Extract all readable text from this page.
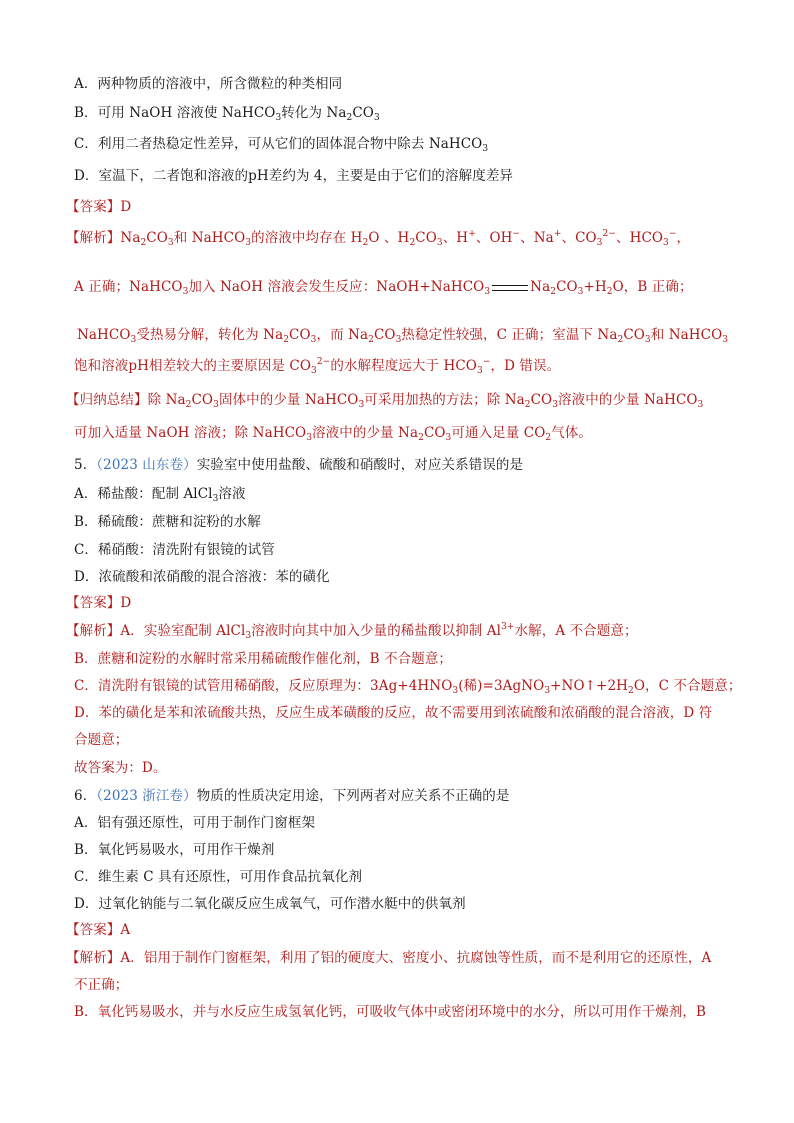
A．两种物质的溶液中，所含微粒的种类相同
B．可用 NaOH 溶液使 NaHCO$_3$转化为 $Na_2CO_3$
C．利用二者热稳定性差异，可从它们的固体混合物中除去 NaHCO$_3$
D．室温下，二者饱和溶液的pH差约为 4，主要是由于它们的溶解度差异
【答案】D
【解析】$Na_2CO_3$和 NaHCO$_3$的溶液中均存在 $H_2O$ 、$H_2CO_3$、H+、OH−、Na+、$CO_3^{2-}$、$HCO_3^-$，
A 正确；NaHCO$_3$加入 NaOH 溶液会发生反应：NaOH+NaHCO$_3$	$Na_2CO_3+H_2O$，B 正确；
NaHCO$_3$受热易分解，转化为 $Na_2CO_3$，而 $Na_2CO_3$热稳定性较强，C 正确；室温下 $Na_2CO_3$和 NaHCO$_3$
饱和溶液pH相差较大的主要原因是 $CO_3^{2-}$的水解程度远大于 $HCO_3^-$，D 错误。
【归纳总结】除 $Na_2CO_3$固体中的少量 NaHCO$_3$可采用加热的方法；除 $Na_2CO_3$溶液中的少量 NaHCO$_3$
可加入适量 NaOH 溶液；除 NaHCO$_3$溶液中的少量 $Na_2CO_3$可通入足量 $CO_2$气体。
5．（2023 山东卷）实验室中使用盐酸、硫酸和硝酸时，对应关系错误的是
A．稀盐酸：配制 AlCl$_3$溶液
B．稀硫酸：蔗糖和淀粉的水解
C．稀硝酸：清洗附有银镜的试管
D．浓硫酸和浓硝酸的混合溶液：苯的磺化
【答案】D
【解析】A．实验室配制 AlCl$_3$溶液时向其中加入少量的稀盐酸以抑制 $Al^{3+}$水解，A 不合题意；
B．蔗糖和淀粉的水解时常采用稀硫酸作催化剂，B 不合题意；
C．清洗附有银镜的试管用稀硝酸，反应原理为：$3Ag+4HNO_3$(稀)$=3AgNO_3+NO↑+2H_2O$，C 不合题意；
D．苯的磺化是苯和浓硫酸共热，反应生成苯磺酸的反应，故不需要用到浓硫酸和浓硝酸的混合溶液，D 符
合题意；
故答案为：D。
6．（2023 浙江卷）物质的性质决定用途，下列两者对应关系不正确的是
A．铝有强还原性，可用于制作门窗框架
B．氧化钙易吸水，可用作干燥剂
C．维生素 C 具有还原性，可用作食品抗氧化剂
D．过氧化钠能与二氧化碳反应生成氧气，可作潜水艇中的供氧剂
【答案】A
【解析】A．铝用于制作门窗框架，利用了铝的硬度大、密度小、抗腐蚀等性质，而不是利用它的还原性，A
不正确；
B．氧化钙易吸水，并与水反应生成氢氧化钙，可吸收气体中或密闭环境中的水分，所以可用作干燥剂，B
